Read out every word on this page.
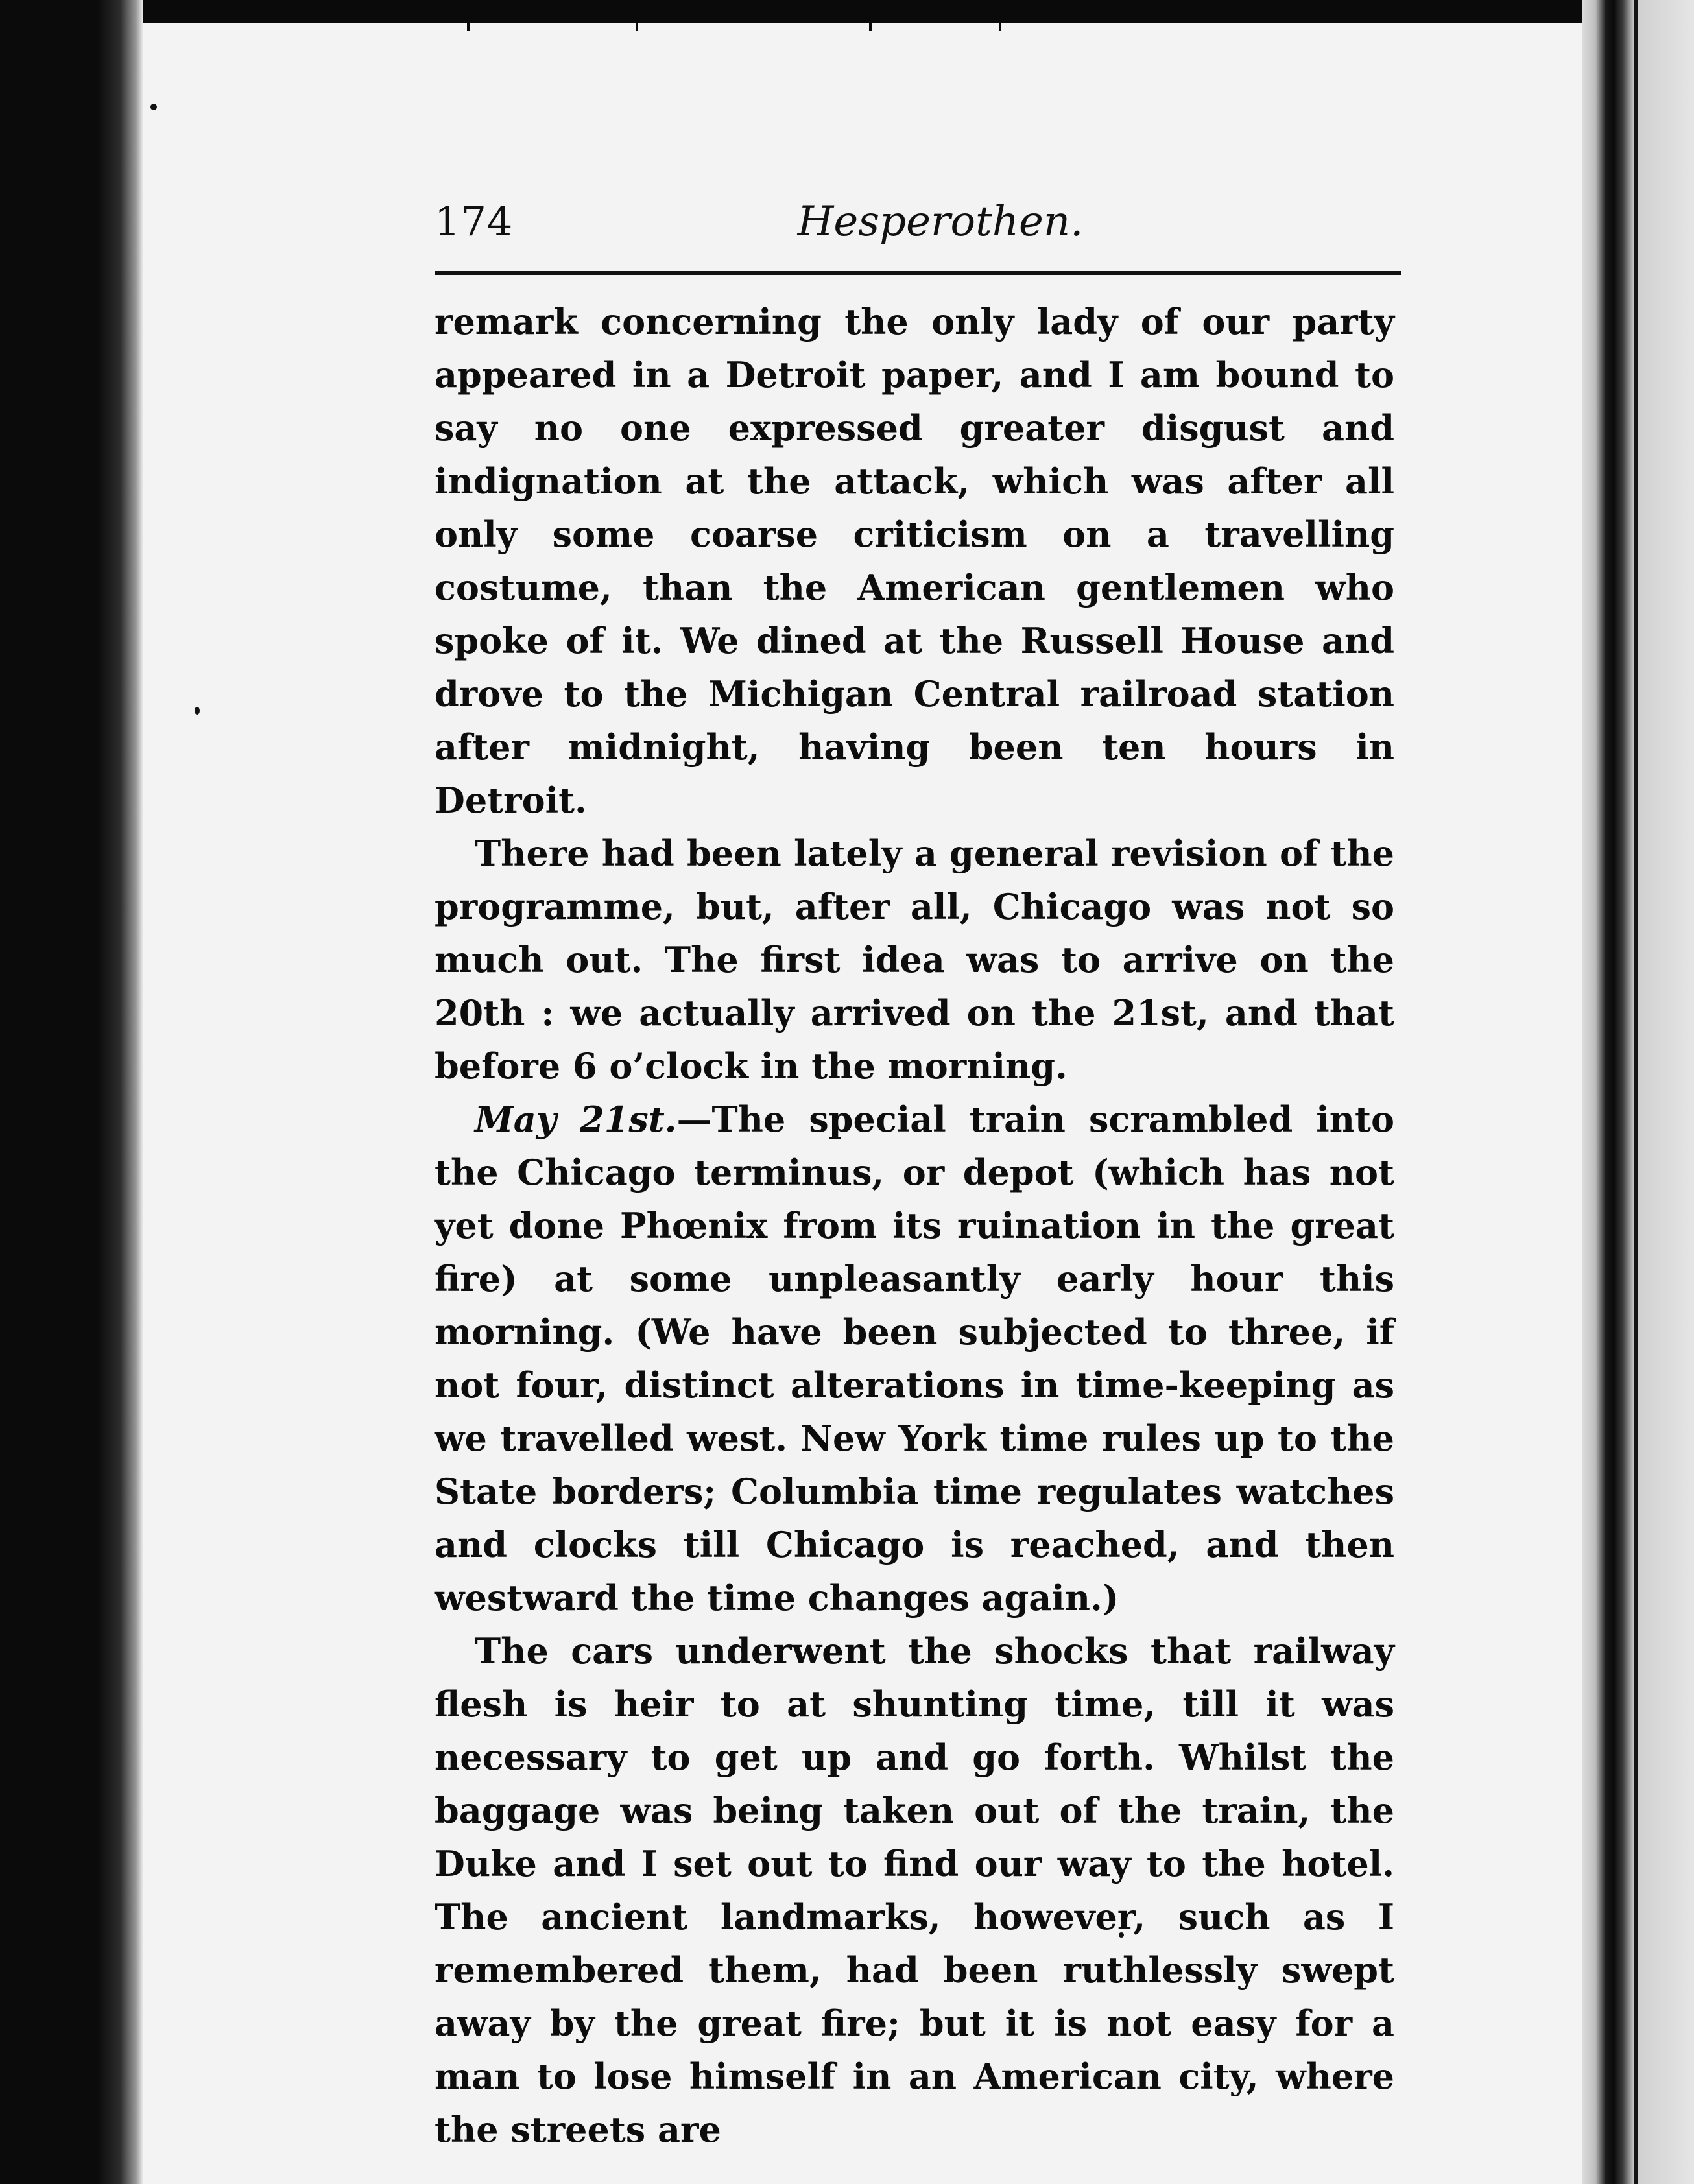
174	Hesperothen.

remark concerning the only lady of our party appeared in a Detroit paper, and I am bound to say no one expressed greater disgust and indignation at the attack, which was after all only some coarse criticism on a travelling costume, than the American gentlemen who spoke of it. We dined at the Russell House and drove to the Michigan Central railroad station after midnight, having been ten hours in Detroit.

There had been lately a general revision of the programme, but, after all, Chicago was not so much out. The first idea was to arrive on the 20th : we actually arrived on the 21st, and that before 6 o’clock in the morning.

May 21st.—The special train scrambled into the Chicago terminus, or depot (which has not yet done Phœnix from its ruination in the great fire) at some unpleasantly early hour this morning. (We have been subjected to three, if not four, distinct alterations in time-keeping as we travelled west. New York time rules up to the State borders; Columbia time regulates watches and clocks till Chicago is reached, and then westward the time changes again.)

The cars underwent the shocks that railway flesh is heir to at shunting time, till it was necessary to get up and go forth. Whilst the baggage was being taken out of the train, the Duke and I set out to find our way to the hotel. The ancient landmarks, however, such as I remembered them, had been ruthlessly swept away by the great fire; but it is not easy for a man to lose himself in an American city, where the streets are
